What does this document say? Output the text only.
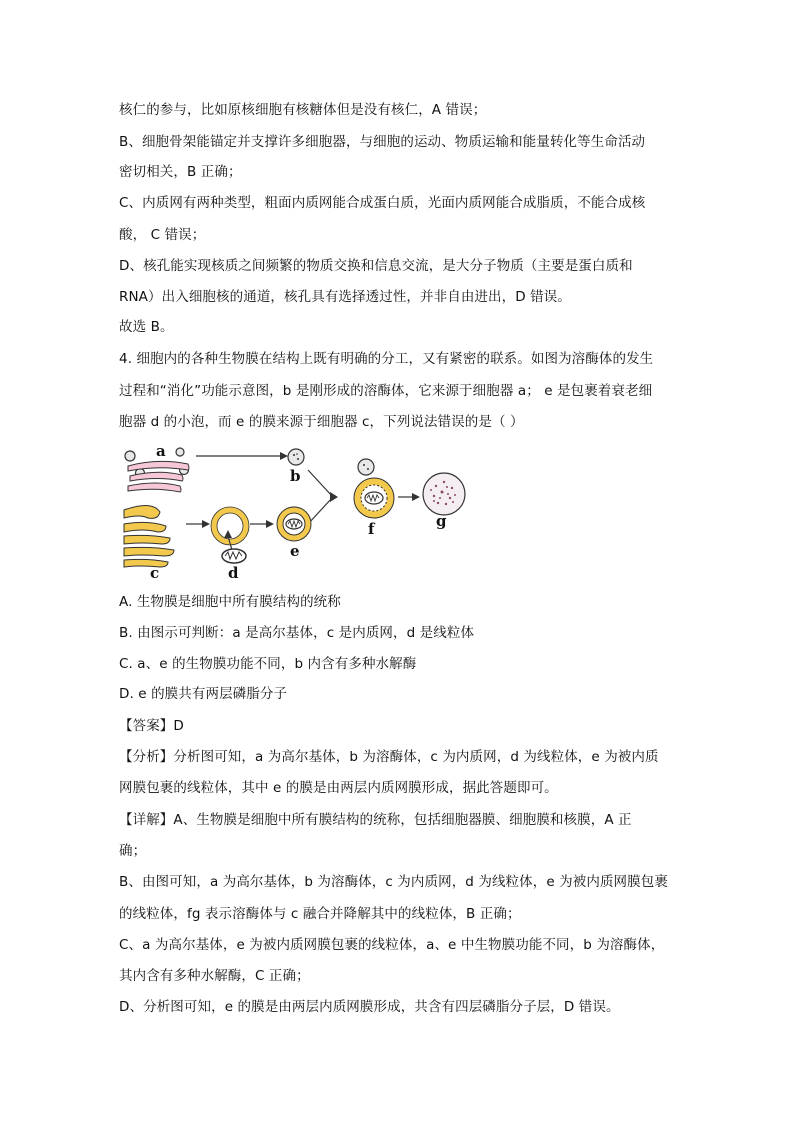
核仁的参与，比如原核细胞有核糖体但是没有核仁，A 错误；
B、细胞骨架能锚定并支撑许多细胞器，与细胞的运动、物质运输和能量转化等生命活动
密切相关，B 正确；
C、内质网有两种类型，粗面内质网能合成蛋白质，光面内质网能合成脂质，不能合成核
酸， C 错误；
D、核孔能实现核质之间频繁的物质交换和信息交流，是大分子物质（主要是蛋白质和
RNA）出入细胞核的通道，核孔具有选择透过性，并非自由进出，D 错误。
故选 B。
4. 细胞内的各种生物膜在结构上既有明确的分工，又有紧密的联系。如图为溶酶体的发生
过程和“消化”功能示意图，b 是刚形成的溶酶体，它来源于细胞器 a； e 是包裹着衰老细
胞器 d 的小泡，而 e 的膜来源于细胞器 c，下列说法错误的是（ ）
a
b
c	d
e
f	g
A. 生物膜是细胞中所有膜结构的统称
B. 由图示可判断：a 是高尔基体，c 是内质网，d 是线粒体
C. a、e 的生物膜功能不同，b 内含有多种水解酶
D. e 的膜共有两层磷脂分子
【答案】D
【分析】分析图可知，a 为高尔基体，b 为溶酶体，c 为内质网，d 为线粒体，e 为被内质
网膜包裹的线粒体，其中 e 的膜是由两层内质网膜形成，据此答题即可。
【详解】A、生物膜是细胞中所有膜结构的统称，包括细胞器膜、细胞膜和核膜，A 正
确；
B、由图可知，a 为高尔基体，b 为溶酶体，c 为内质网，d 为线粒体，e 为被内质网膜包裹
的线粒体，fg 表示溶酶体与 c 融合并降解其中的线粒体，B 正确；
C、a 为高尔基体，e 为被内质网膜包裹的线粒体，a、e 中生物膜功能不同，b 为溶酶体，
其内含有多种水解酶，C 正确；
D、分析图可知，e 的膜是由两层内质网膜形成，共含有四层磷脂分子层，D 错误。
